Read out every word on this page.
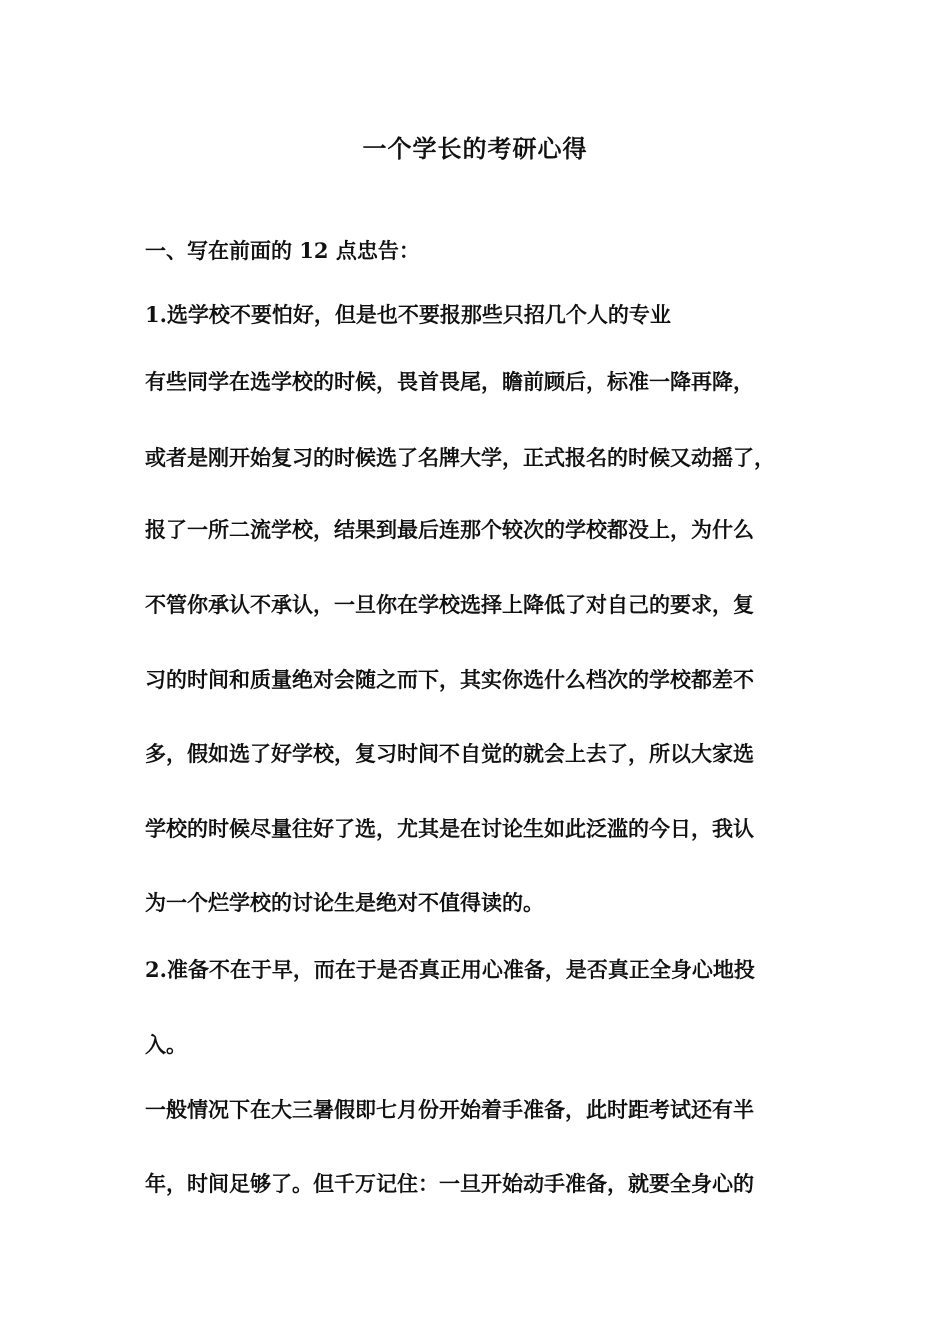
一个学长的考研心得
一、写在前面的 12 点忠告：
1.选学校不要怕好，但是也不要报那些只招几个人的专业
有些同学在选学校的时候，畏首畏尾，瞻前顾后，标准一降再降，
或者是刚开始复习的时候选了名牌大学，正式报名的时候又动摇了，
报了一所二流学校，结果到最后连那个较次的学校都没上，为什么
不管你承认不承认，一旦你在学校选择上降低了对自己的要求，复
习的时间和质量绝对会随之而下，其实你选什么档次的学校都差不
多，假如选了好学校，复习时间不自觉的就会上去了，所以大家选
学校的时候尽量往好了选，尤其是在讨论生如此泛滥的今日，我认
为一个烂学校的讨论生是绝对不值得读的。
2.准备不在于早，而在于是否真正用心准备，是否真正全身心地投
入。
一般情况下在大三暑假即七月份开始着手准备，此时距考试还有半
年，时间足够了。但千万记住：一旦开始动手准备，就要全身心的
